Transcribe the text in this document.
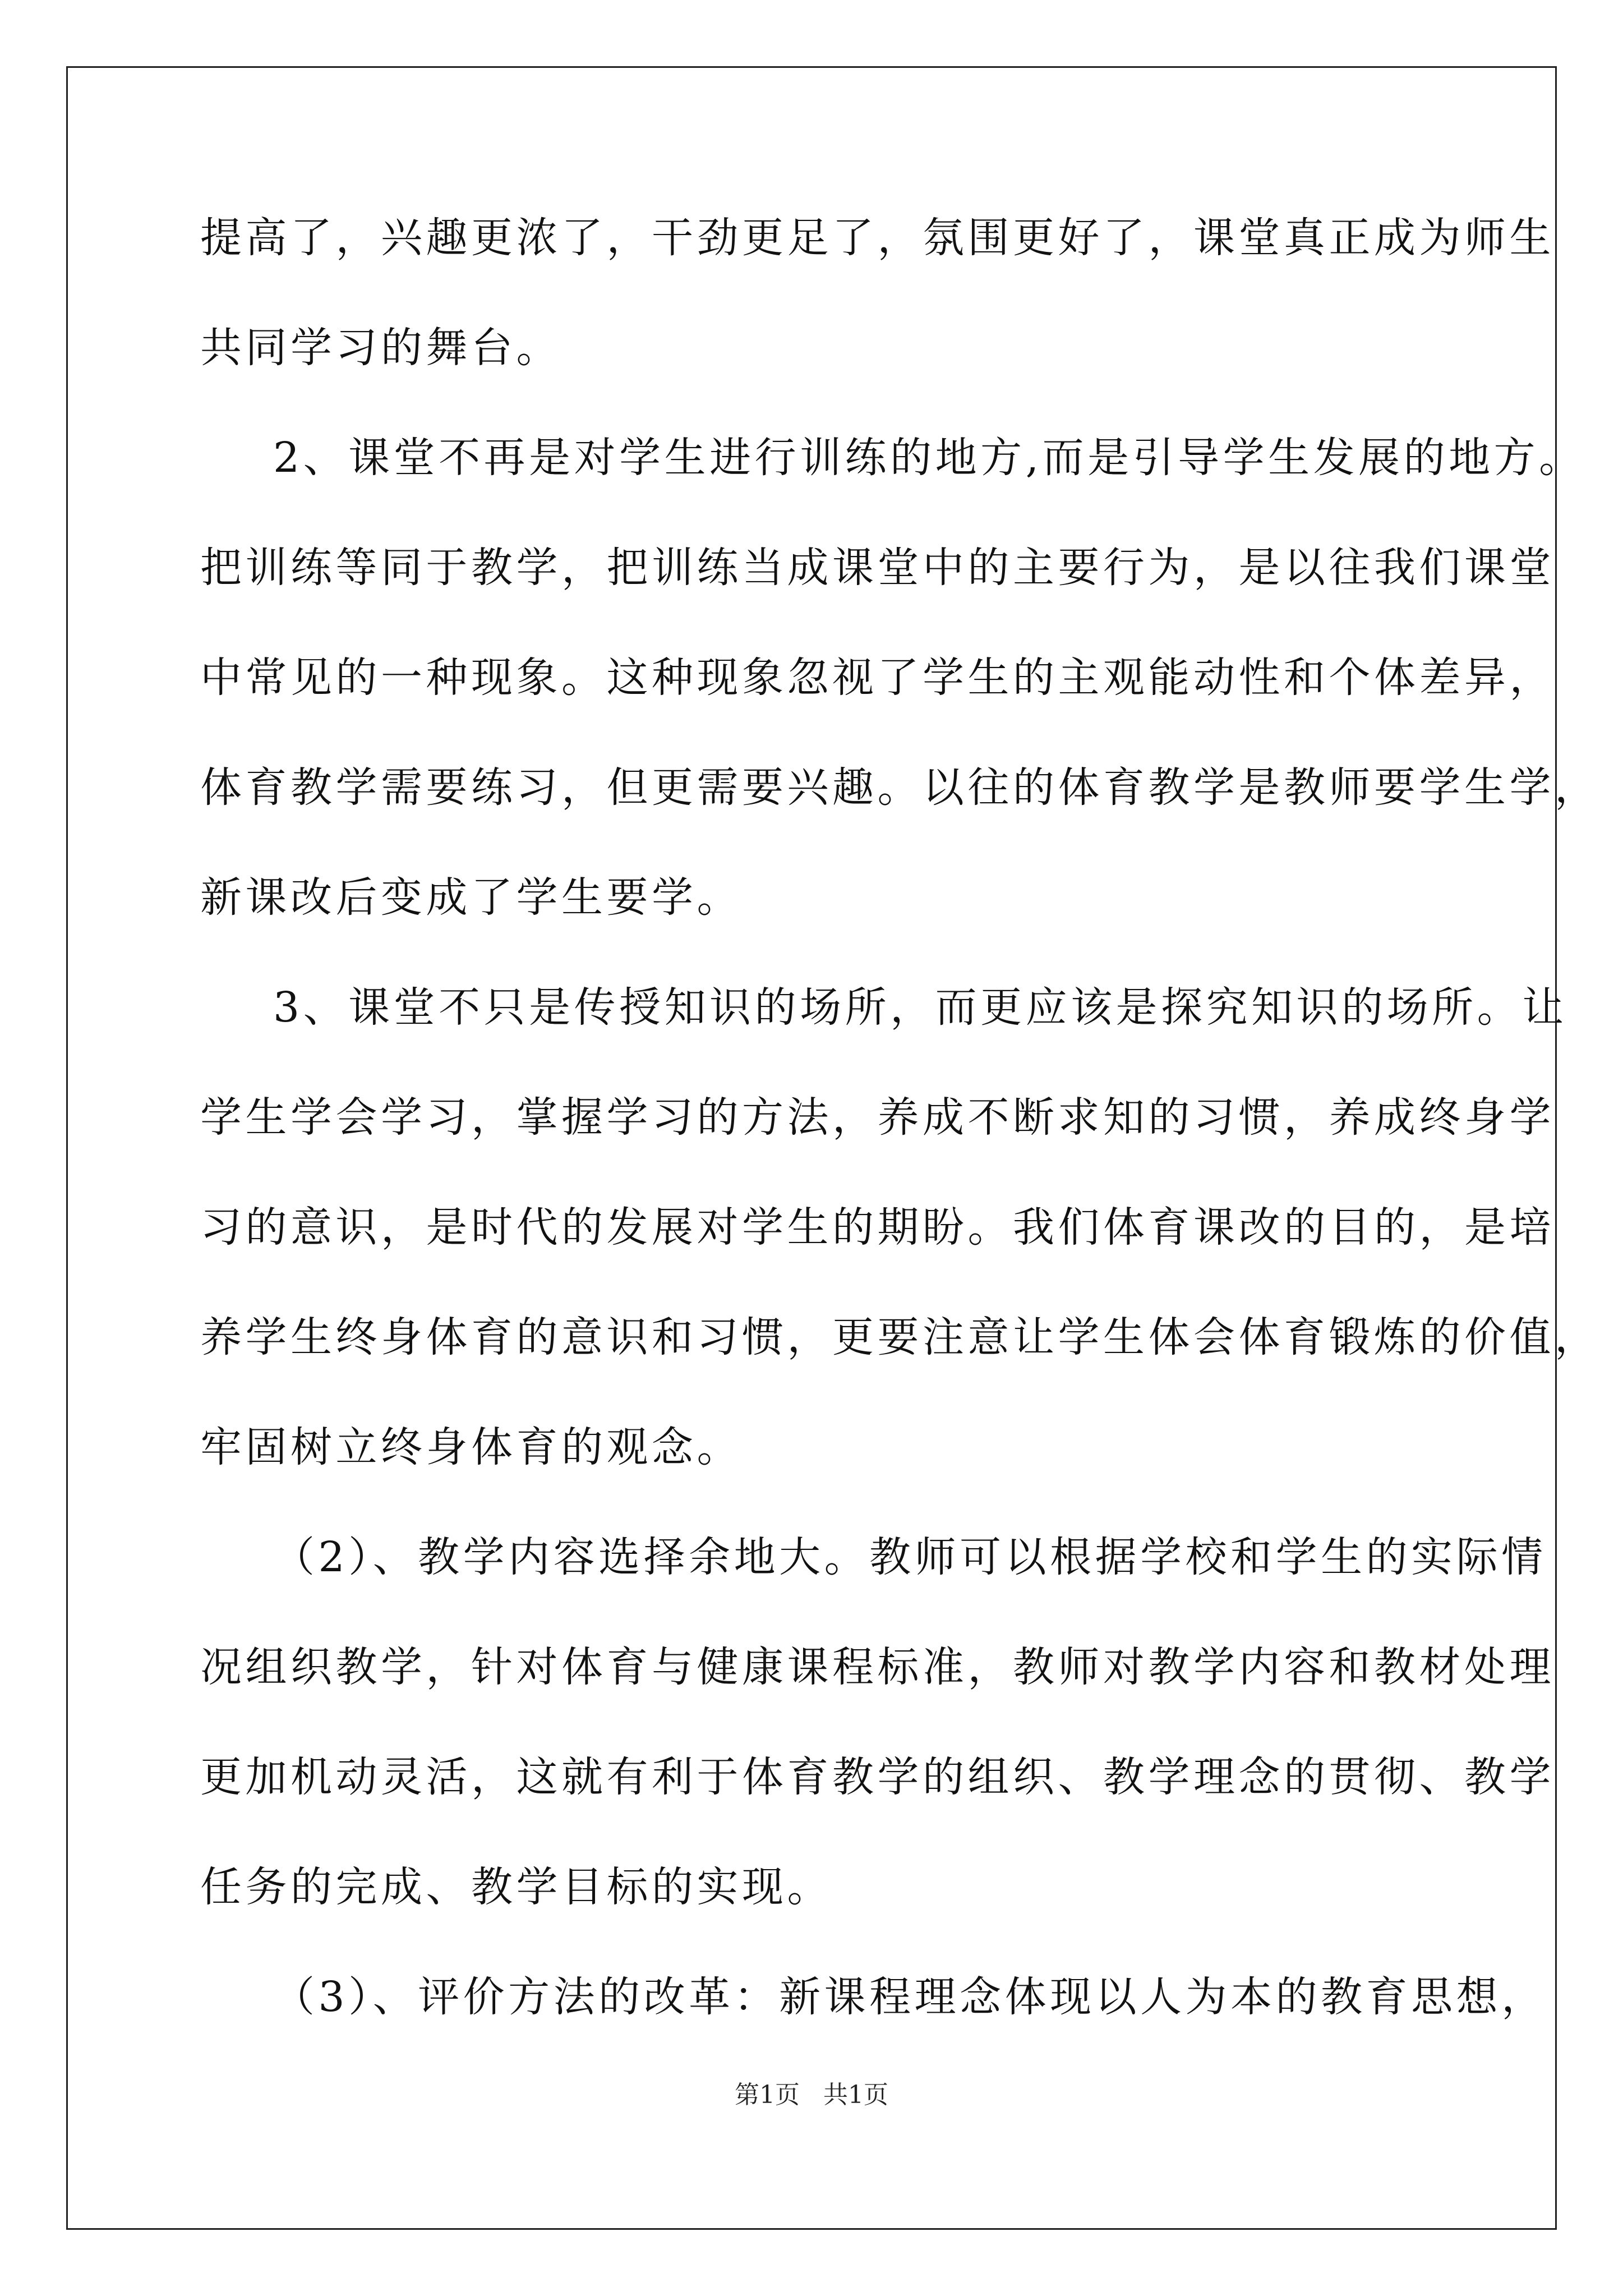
提高了，兴趣更浓了，干劲更足了，氛围更好了，课堂真正成为师生
共同学习的舞台。
2、课堂不再是对学生进行训练的地方,而是引导学生发展的地方。
把训练等同于教学，把训练当成课堂中的主要行为，是以往我们课堂
中常见的一种现象。这种现象忽视了学生的主观能动性和个体差异，
体育教学需要练习，但更需要兴趣。以往的体育教学是教师要学生学，
新课改后变成了学生要学。
3、课堂不只是传授知识的场所，而更应该是探究知识的场所。让
学生学会学习，掌握学习的方法，养成不断求知的习惯，养成终身学
习的意识，是时代的发展对学生的期盼。我们体育课改的目的，是培
养学生终身体育的意识和习惯，更要注意让学生体会体育锻炼的价值，
牢固树立终身体育的观念。
（2）、教学内容选择余地大。教师可以根据学校和学生的实际情
况组织教学，针对体育与健康课程标准，教师对教学内容和教材处理
更加机动灵活，这就有利于体育教学的组织、教学理念的贯彻、教学
任务的完成、教学目标的实现。
（3）、评价方法的改革：新课程理念体现以人为本的教育思想，
第1页   共1页
